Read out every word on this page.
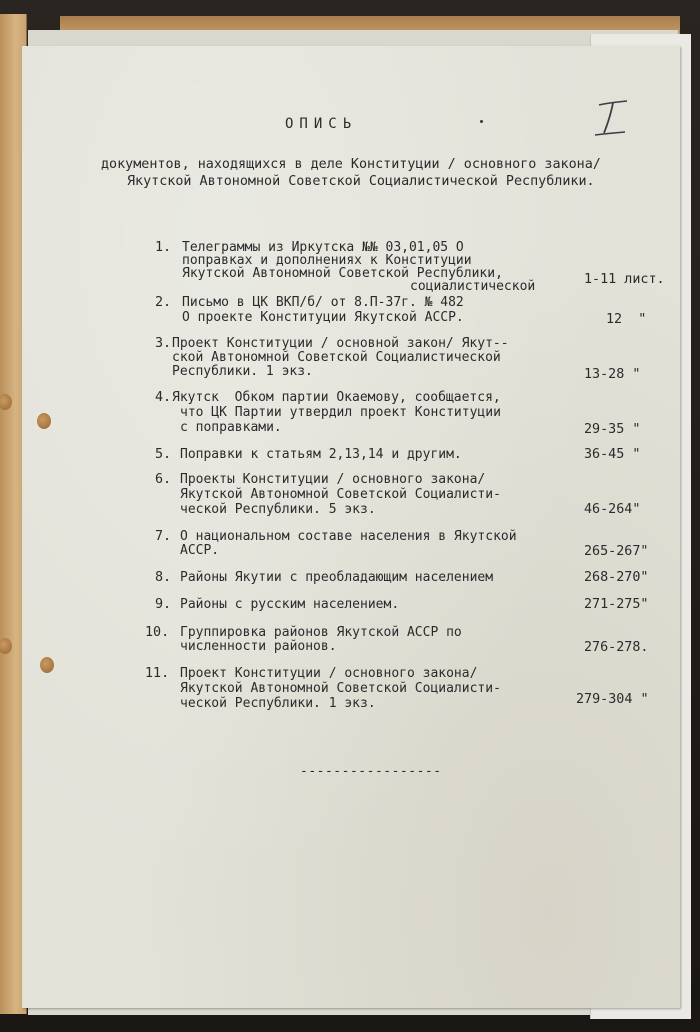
ОПИСЬ
документов, находящихся в деле Конституции / основного закона/
Якутской Автономной Советской Социалистической Республики.
1. Телеграммы из Иркутска №№ 03,01,05 О
поправках и дополнениях к Конституции
Якутской Автономной Советской Республики,
социалистической	1-11 лист.
2. Письмо в ЦК ВКП/б/ от 8.П-37г. № 482
О проекте Конституции Якутской АССР.	12  "
3. Проект Конституции / основной закон/ Якут--
ской Автономной Советской Социалистической
Республики. 1 экз.	13-28 "
4. Якутск  Обком партии Окаемову, сообщается,
что ЦК Партии утвердил проект Конституции
с поправками.	29-35 "
5. Поправки к статьям 2,13,14 и другим.	36-45 "
6. Проекты Конституции / основного закона/
Якутской Автономной Советской Социалисти-
ческой Республики. 5 экз.	46-264"
7. О национальном составе населения в Якутской
АССР.	265-267"
8. Районы Якутии с преобладающим населением	268-270"
9. Районы с русским населением.	271-275"
10. Группировка районов Якутской АССР по
численности районов.	276-278.
11. Проект Конституции / основного закона/
Якутской Автономной Советской Социалисти-
ческой Республики. 1 экз.	279-304 "
-----------------
